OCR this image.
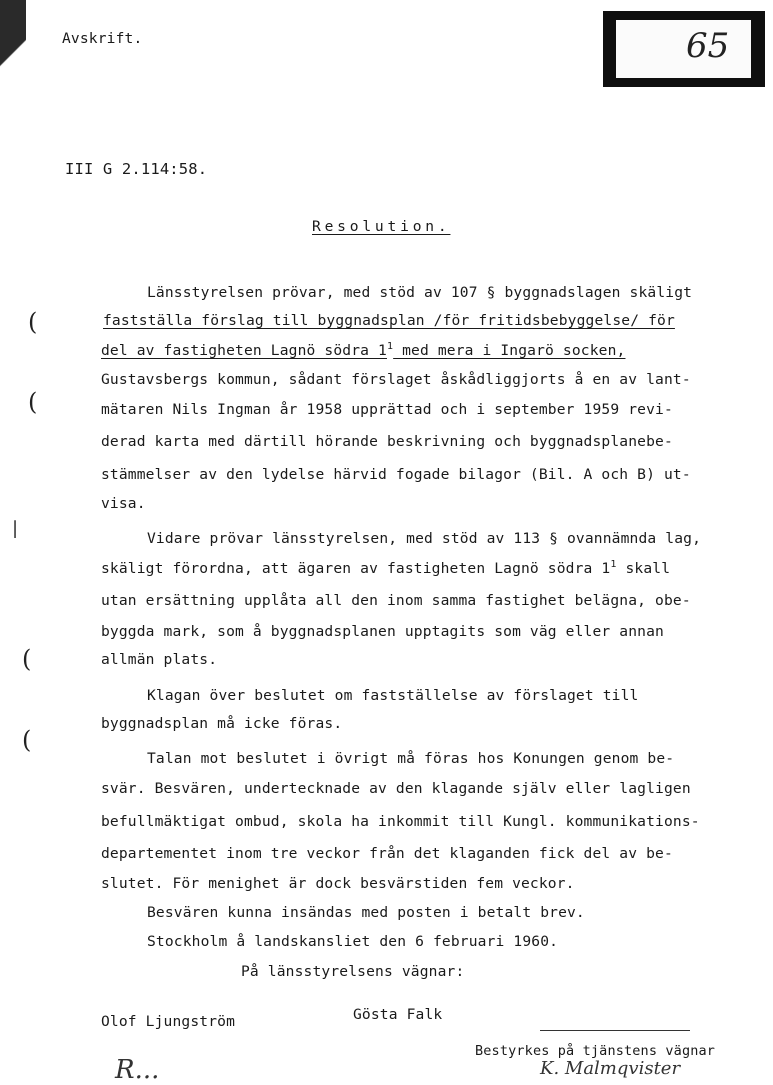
Avskrift.	65
III G 2.114:58.
Resolution.
Länsstyrelsen prövar, med stöd av 107 § byggnadslagen skäligt
fastställa förslag till byggnadsplan /för fritidsbebyggelse/ för
del av fastigheten Lagnö södra $1^1$ med mera i Ingarö socken,
Gustavsbergs kommun, sådant förslaget åskådliggjorts å en av lant-
mätaren Nils Ingman år 1958 upprättad och i september 1959 revi-
derad karta med därtill hörande beskrivning och byggnadsplanebe-
stämmelser av den lydelse härvid fogade bilagor (Bil. A och B) ut-
visa.
Vidare prövar länsstyrelsen, med stöd av 113 § ovannämnda lag,
skäligt förordna, att ägaren av fastigheten Lagnö södra $1^1$ skall
utan ersättning upplåta all den inom samma fastighet belägna, obe-
byggda mark, som å byggnadsplanen upptagits som väg eller annan
allmän plats.
Klagan över beslutet om fastställelse av förslaget till
byggnadsplan må icke föras.
Talan mot beslutet i övrigt må föras hos Konungen genom be-
svär. Besvären, undertecknade av den klagande själv eller lagligen
befullmäktigat ombud, skola ha inkommit till Kungl. kommunikations-
departementet inom tre veckor från det klaganden fick del av be-
slutet. För menighet är dock besvärstiden fem veckor.
Besvären kunna insändas med posten i betalt brev.
Stockholm å landskansliet den 6 februari 1960.
På länsstyrelsens vägnar:
Olof Ljungström	Gösta Falk
Bestyrkes på tjänstens vägnar
K. Malmqvister
R...
(
(
|
(
(
